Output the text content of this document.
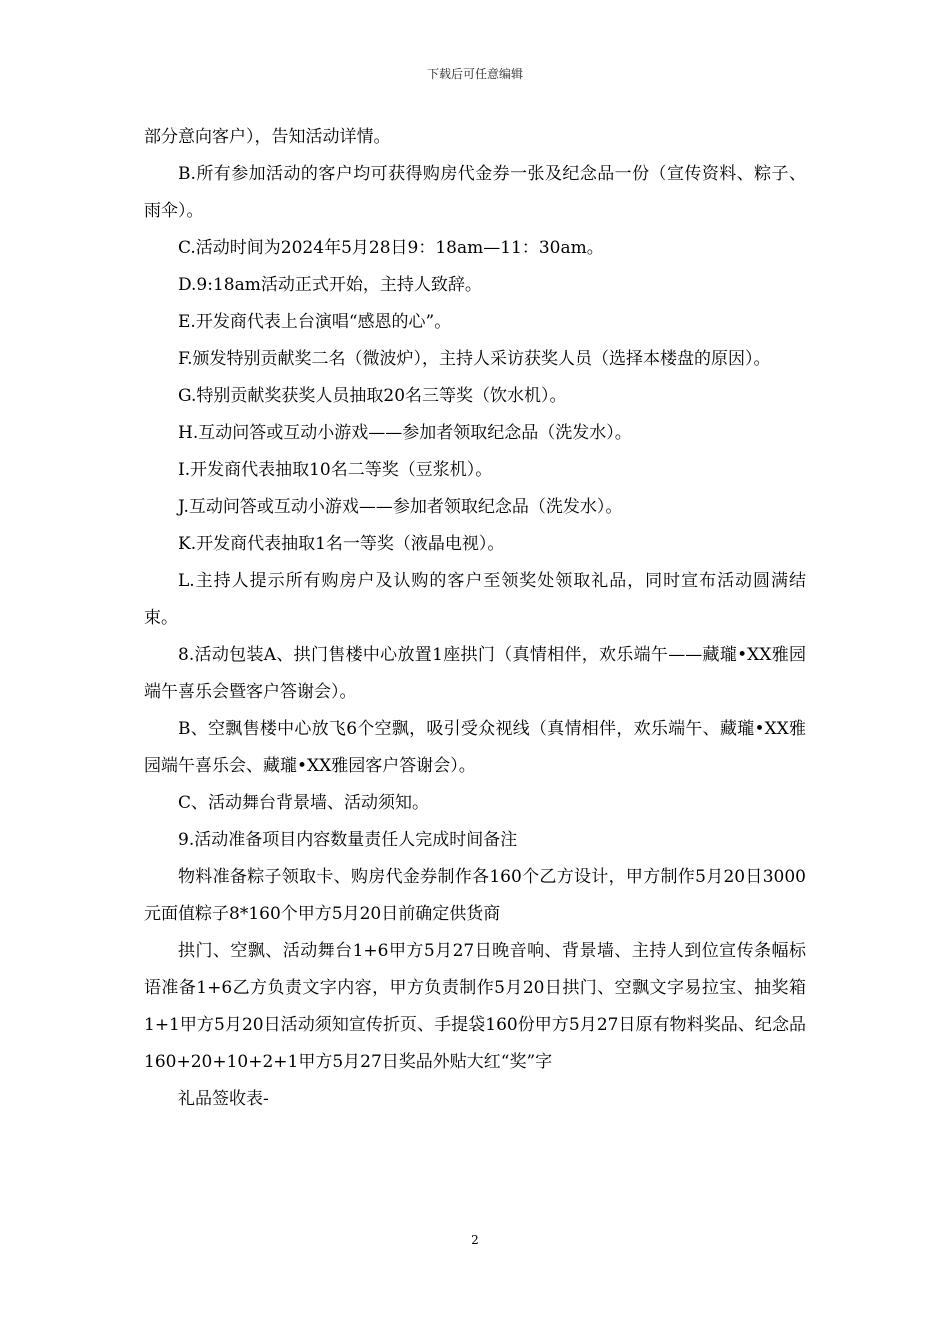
下载后可任意编辑

部分意向客户），告知活动详情。

B.所有参加活动的客户均可获得购房代金券一张及纪念品一份（宣传资料、粽子、雨伞）。

C.活动时间为2024年5月28日9：18am—11：30am。

D.9:18am活动正式开始，主持人致辞。

E.开发商代表上台演唱“感恩的心”。

F.颁发特别贡献奖二名（微波炉），主持人采访获奖人员（选择本楼盘的原因）。

G.特别贡献奖获奖人员抽取20名三等奖（饮水机）。

H.互动问答或互动小游戏——参加者领取纪念品（洗发水）。

I.开发商代表抽取10名二等奖（豆浆机）。

J.互动问答或互动小游戏——参加者领取纪念品（洗发水）。

K.开发商代表抽取1名一等奖（液晶电视）。

L.主持人提示所有购房户及认购的客户至领奖处领取礼品，同时宣布活动圆满结束。

8.活动包装A、拱门售楼中心放置1座拱门（真情相伴，欢乐端午——藏瓏•XX雅园端午喜乐会暨客户答谢会）。

B、空飘售楼中心放飞6个空飘，吸引受众视线（真情相伴，欢乐端午、藏瓏•XX雅园端午喜乐会、藏瓏•XX雅园客户答谢会）。

C、活动舞台背景墙、活动须知。

9.活动准备项目内容数量责任人完成时间备注

物料准备粽子领取卡、购房代金券制作各160个乙方设计，甲方制作5月20日3000元面值粽子8*160个甲方5月20日前确定供货商

拱门、空飘、活动舞台1+6甲方5月27日晚音响、背景墙、主持人到位宣传条幅标语准备1+6乙方负责文字内容，甲方负责制作5月20日拱门、空飘文字易拉宝、抽奖箱1+1甲方5月20日活动须知宣传折页、手提袋160份甲方5月27日原有物料奖品、纪念品160+20+10+2+1甲方5月27日奖品外贴大红“奖”字

礼品签收表-

2
